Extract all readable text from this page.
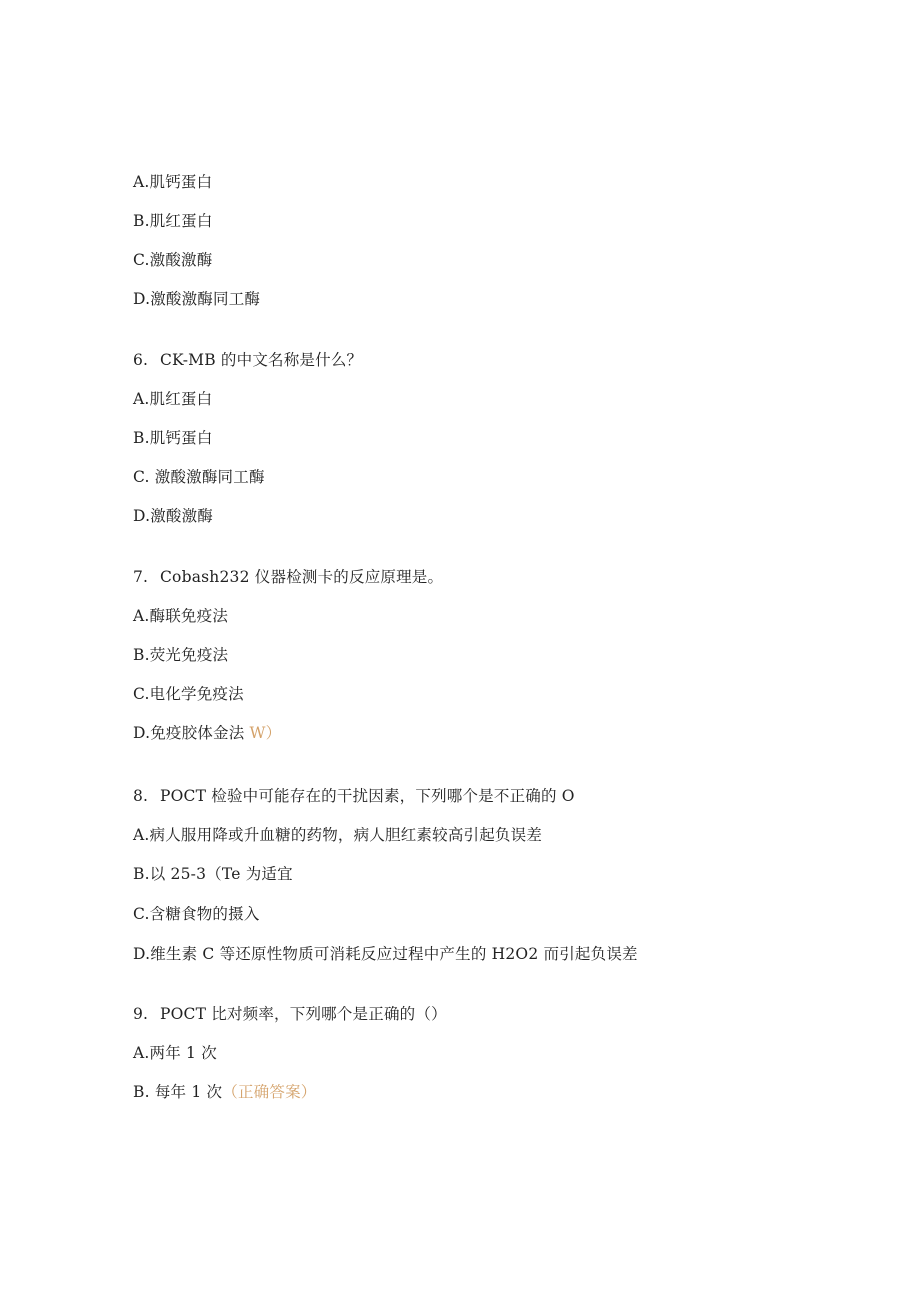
A.肌钙蛋白
B.肌红蛋白
C.激酸激酶
D.激酸激酶同工酶
6. CK-MB 的中文名称是什么？
A.肌红蛋白
B.肌钙蛋白
C. 激酸激酶同工酶
D.激酸激酶
7. Cobash232 仪器检测卡的反应原理是。
A.酶联免疫法
B.荧光免疫法
C.电化学免疫法
D.免疫胶体金法 W）
8. POCT 检验中可能存在的干扰因素，下列哪个是不正确的 O
A.病人服用降或升血糖的药物，病人胆红素较高引起负误差
B.以 25-3（Te 为适宜
C.含糖食物的摄入
D.维生素 C 等还原性物质可消耗反应过程中产生的 H2O2 而引起负误差
9. POCT 比对频率，下列哪个是正确的（）
A.两年 1 次
B. 每年 1 次（正确答案）
